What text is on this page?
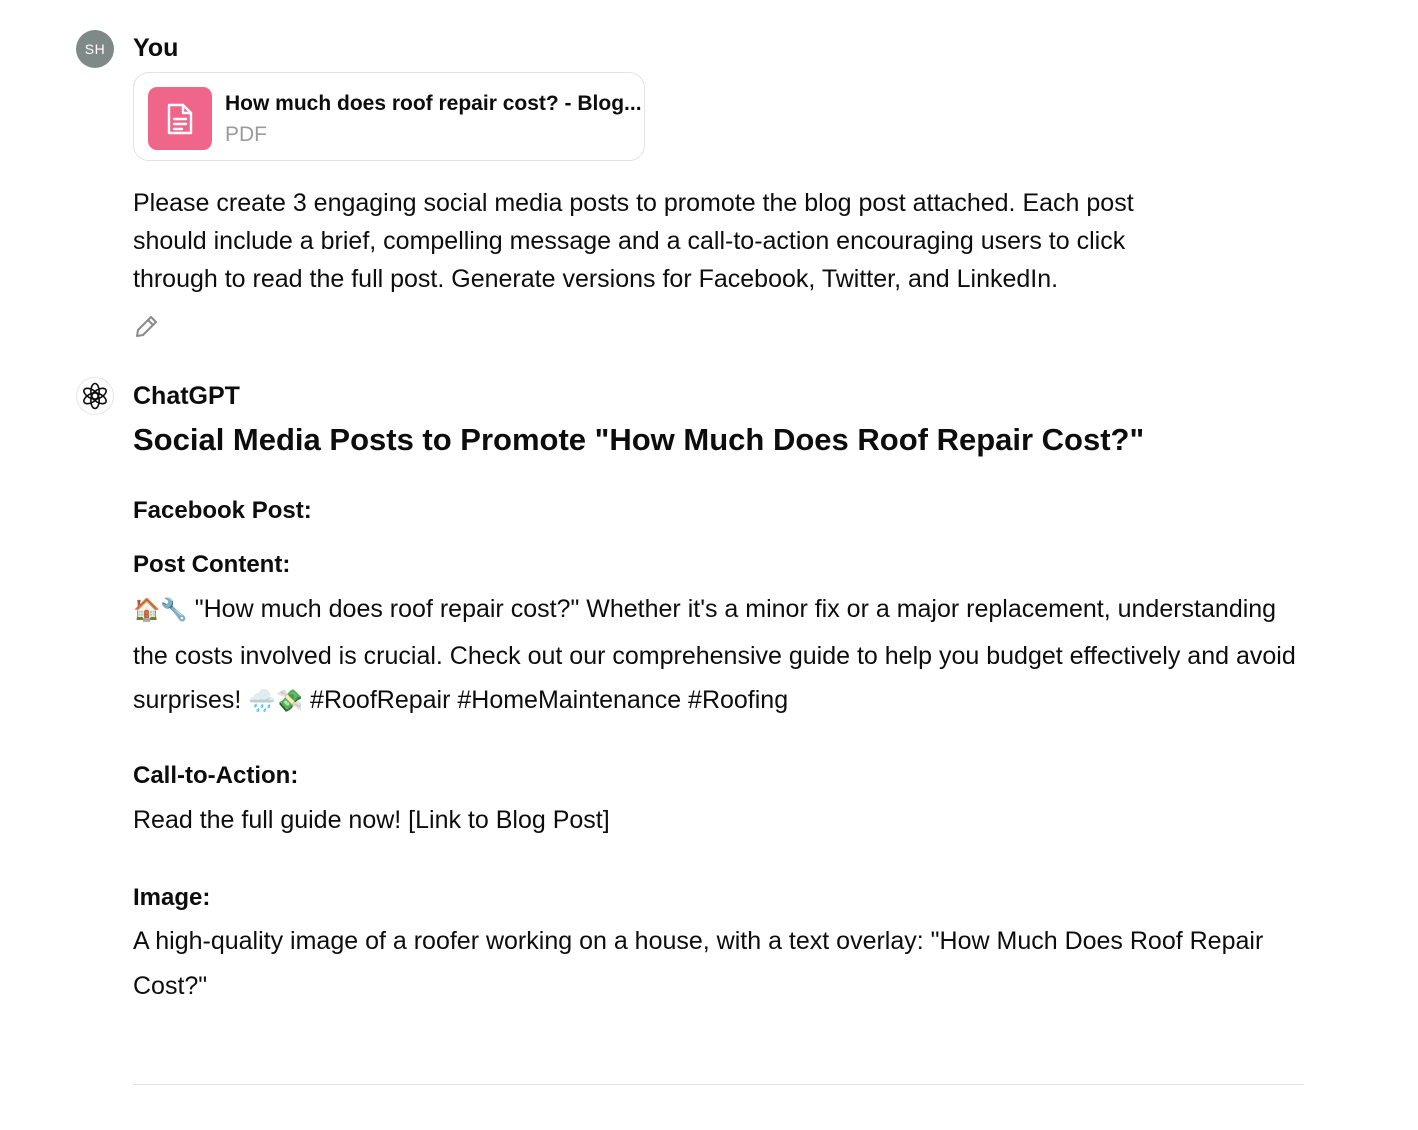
SH	You
How much does roof repair cost? - Blog...
PDF
Please create 3 engaging social media posts to promote the blog post attached. Each post should include a brief, compelling message and a call-to-action encouraging users to click through to read the full post. Generate versions for Facebook, Twitter, and LinkedIn.
ChatGPT
Social Media Posts to Promote "How Much Does Roof Repair Cost?"
Facebook Post:
Post Content:
🏠🔧 "How much does roof repair cost?" Whether it's a minor fix or a major replacement, understanding the costs involved is crucial. Check out our comprehensive guide to help you budget effectively and avoid surprises! 🌧️💸 #RoofRepair #HomeMaintenance #Roofing
Call-to-Action:
Read the full guide now! [Link to Blog Post]
Image:
A high-quality image of a roofer working on a house, with a text overlay: "How Much Does Roof Repair Cost?"
